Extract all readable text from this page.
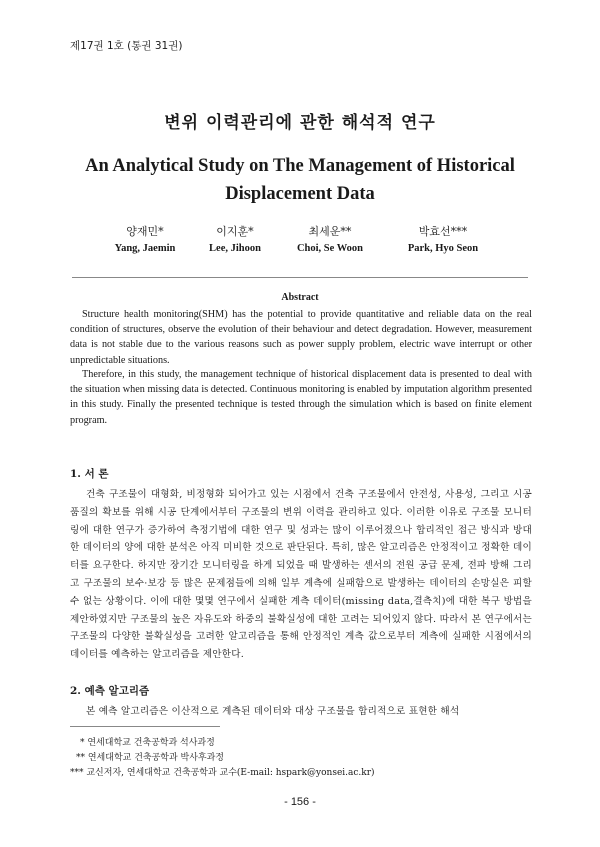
제17권 1호 (통권 31권)
변위 이력관리에 관한 해석적 연구
An Analytical Study on The Management of Historical
Displacement Data
양재민*
Yang, Jaemin
이지훈*
Lee, Jihoon
최세운**
Choi, Se Woon
박효선***
Park, Hyo Seon
Abstract

Structure health monitoring(SHM) has the potential to provide quantitative and reliable data on the real condition of structures, observe the evolution of their behaviour and detect degradation. However, measurement data is not stable due to the various reasons such as power supply problem, electric wave interrupt or other unpredictable situations.

Therefore, in this study, the management technique of historical displacement data is presented to deal with the situation when missing data is detected. Continuous monitoring is enabled by imputation algorithm presented in this study. Finally the presented technique is tested through the simulation which is based on finite element program.

1. 서 론

건축 구조물이 대형화, 비정형화 되어가고 있는 시점에서 건축 구조물에서 안전성, 사용성, 그리고 시공 품질의 확보를 위해 시공 단계에서부터 구조물의 변위 이력을 관리하고 있다. 이러한 이유로 구조물 모니터링에 대한 연구가 증가하여 측정기법에 대한 연구 및 성과는 많이 이루어졌으나 합리적인 접근 방식과 방대한 데이터의 양에 대한 분석은 아직 미비한 것으로 판단된다. 특히, 많은 알고리즘은 안정적이고 정확한 데이터를 요구한다. 하지만 장기간 모니터링을 하게 되었을 때 발생하는 센서의 전원 공급 문제, 전파 방해 그리고 구조물의 보수·보강 등 많은 문제점들에 의해 일부 계측에 실패함으로 발생하는 데이터의 손망실은 피할 수 없는 상황이다. 이에 대한 몇몇 연구에서 실패한 계측 데이터(missing data,결측치)에 대한 복구 방법을 제안하였지만 구조물의 높은 자유도와 하중의 불확실성에 대한 고려는 되어있지 않다. 따라서 본 연구에서는 구조물의 다양한 불확실성을 고려한 알고리즘을 통해 안정적인 계측 값으로부터 계측에 실패한 시점에서의 데이터를 예측하는 알고리즘을 제안한다.

2. 예측 알고리즘

본 예측 알고리즘은 이산적으로 계측된 데이터와 대상 구조물을 합리적으로 표현한 해석

* 연세대학교 건축공학과 석사과정
** 연세대학교 건축공학과 박사후과정
*** 교신저자, 연세대학교 건축공학과 교수(E-mail: hspark@yonsei.ac.kr)
- 156 -
